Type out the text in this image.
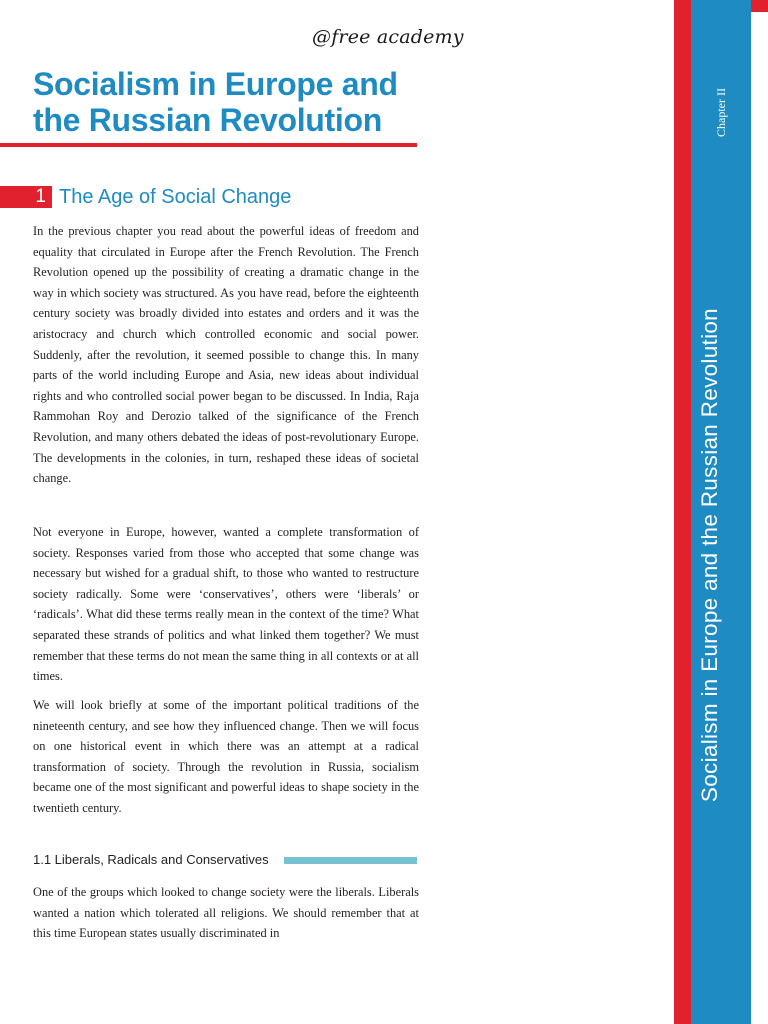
@free academy
Socialism in Europe and the Russian Revolution
1 The Age of Social Change

In the previous chapter you read about the powerful ideas of freedom and equality that circulated in Europe after the French Revolution. The French Revolution opened up the possibility of creating a dramatic change in the way in which society was structured. As you have read, before the eighteenth century society was broadly divided into estates and orders and it was the aristocracy and church which controlled economic and social power. Suddenly, after the revolution, it seemed possible to change this. In many parts of the world including Europe and Asia, new ideas about individual rights and who controlled social power began to be discussed. In India, Raja Rammohan Roy and Derozio talked of the significance of the French Revolution, and many others debated the ideas of post-revolutionary Europe. The developments in the colonies, in turn, reshaped these ideas of societal change.

Not everyone in Europe, however, wanted a complete transformation of society. Responses varied from those who accepted that some change was necessary but wished for a gradual shift, to those who wanted to restructure society radically. Some were ‘conservatives’, others were ‘liberals’ or ‘radicals’. What did these terms really mean in the context of the time? What separated these strands of politics and what linked them together? We must remember that these terms do not mean the same thing in all contexts or at all times.

We will look briefly at some of the important political traditions of the nineteenth century, and see how they influenced change. Then we will focus on one historical event in which there was an attempt at a radical transformation of society. Through the revolution in Russia, socialism became one of the most significant and powerful ideas to shape society in the twentieth century.

1.1 Liberals, Radicals and Conservatives

One of the groups which looked to change society were the liberals. Liberals wanted a nation which tolerated all religions. We should remember that at this time European states usually discriminated in

Chapter II
Socialism in Europe and the Russian Revolution
